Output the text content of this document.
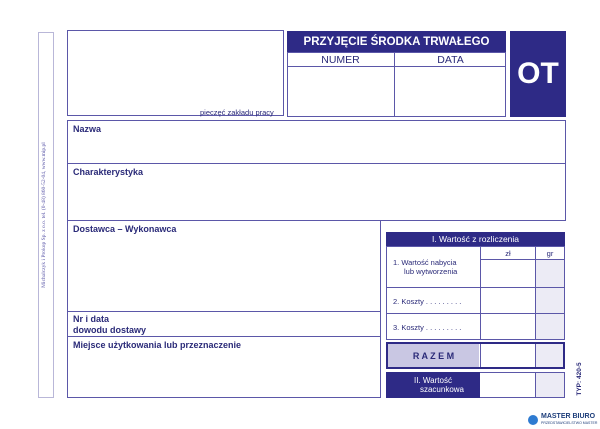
Michalczyk i Prokop Sp. z o.o. tel. (0-48) 860-52-04, www.mip.pl
pieczęć zakładu pracy
PRZYJĘCIE ŚRODKA TRWAŁEGO
NUMER	DATA	OT
Nazwa
Charakterystyka
Dostawca – Wykonawca
Nr i data
dowodu dostawy
Miejsce użytkowania lub przeznaczenie
I. Wartość z rozliczenia
zł	gr
1. Wartość nabycia
lub wytworzenia
2. Koszty . . . . . . . . .
3. Koszty . . . . . . . . .
R A Z E M
II. Wartość
szacunkowa	TYP: 420-5
MASTER BIURO
PRZEDSTAWICIELSTWO MASTER
